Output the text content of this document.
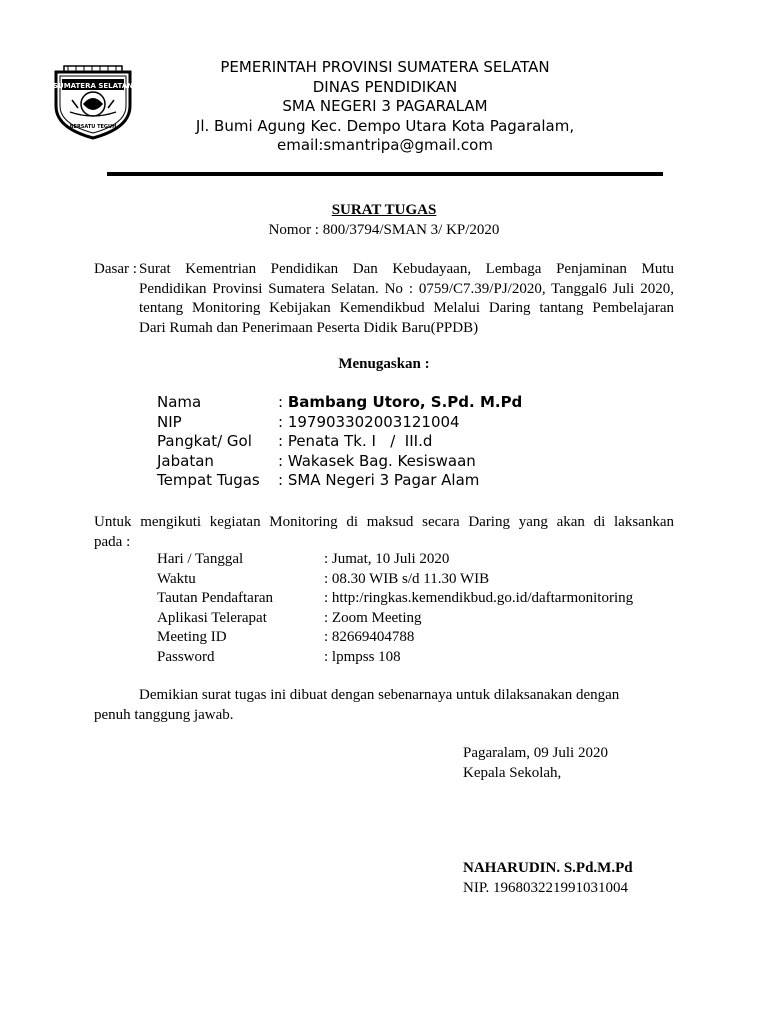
SUMATERA SELATAN
BERSATU TEGUH
PEMERINTAH PROVINSI SUMATERA SELATAN
DINAS PENDIDIKAN
SMA NEGERI 3 PAGARALAM
Jl. Bumi Agung Kec. Dempo Utara Kota Pagaralam,
email:smantripa@gmail.com
SURAT TUGAS
Nomor : 800/3794/SMAN 3/ KP/2020
Dasar : Surat Kementrian Pendidikan Dan Kebudayaan, Lembaga Penjaminan Mutu
Pendidikan Provinsi Sumatera Selatan. No : 0759/C7.39/PJ/2020, Tanggal6 Juli 2020,
tentang Monitoring Kebijakan Kemendikbud Melalui Daring tantang Pembelajaran
Dari Rumah dan Penerimaan Peserta Didik Baru(PPDB)
Menugaskan :
Nama	: Bambang Utoro, S.Pd. M.Pd
NIP	: 197903302003121004
Pangkat/ Gol : Penata Tk. I   /  III.d
Jabatan	: Wakasek Bag. Kesiswaan
Tempat Tugas : SMA Negeri 3 Pagar Alam
Untuk mengikuti kegiatan Monitoring di maksud secara Daring yang akan di laksankan
pada :
Hari / Tanggal	: Jumat, 10 Juli 2020
Waktu	: 08.30 WIB s/d 11.30 WIB
Tautan Pendaftaran	: http:/ringkas.kemendikbud.go.id/daftarmonitoring
Aplikasi Telerapat	: Zoom Meeting
Meeting ID	: 82669404788
Password	: lpmpss 108
Demikian surat tugas ini dibuat dengan sebenarnaya untuk dilaksanakan dengan
penuh tanggung jawab.
Pagaralam, 09 Juli 2020
Kepala Sekolah,
NAHARUDIN. S.Pd.M.Pd
NIP. 196803221991031004
